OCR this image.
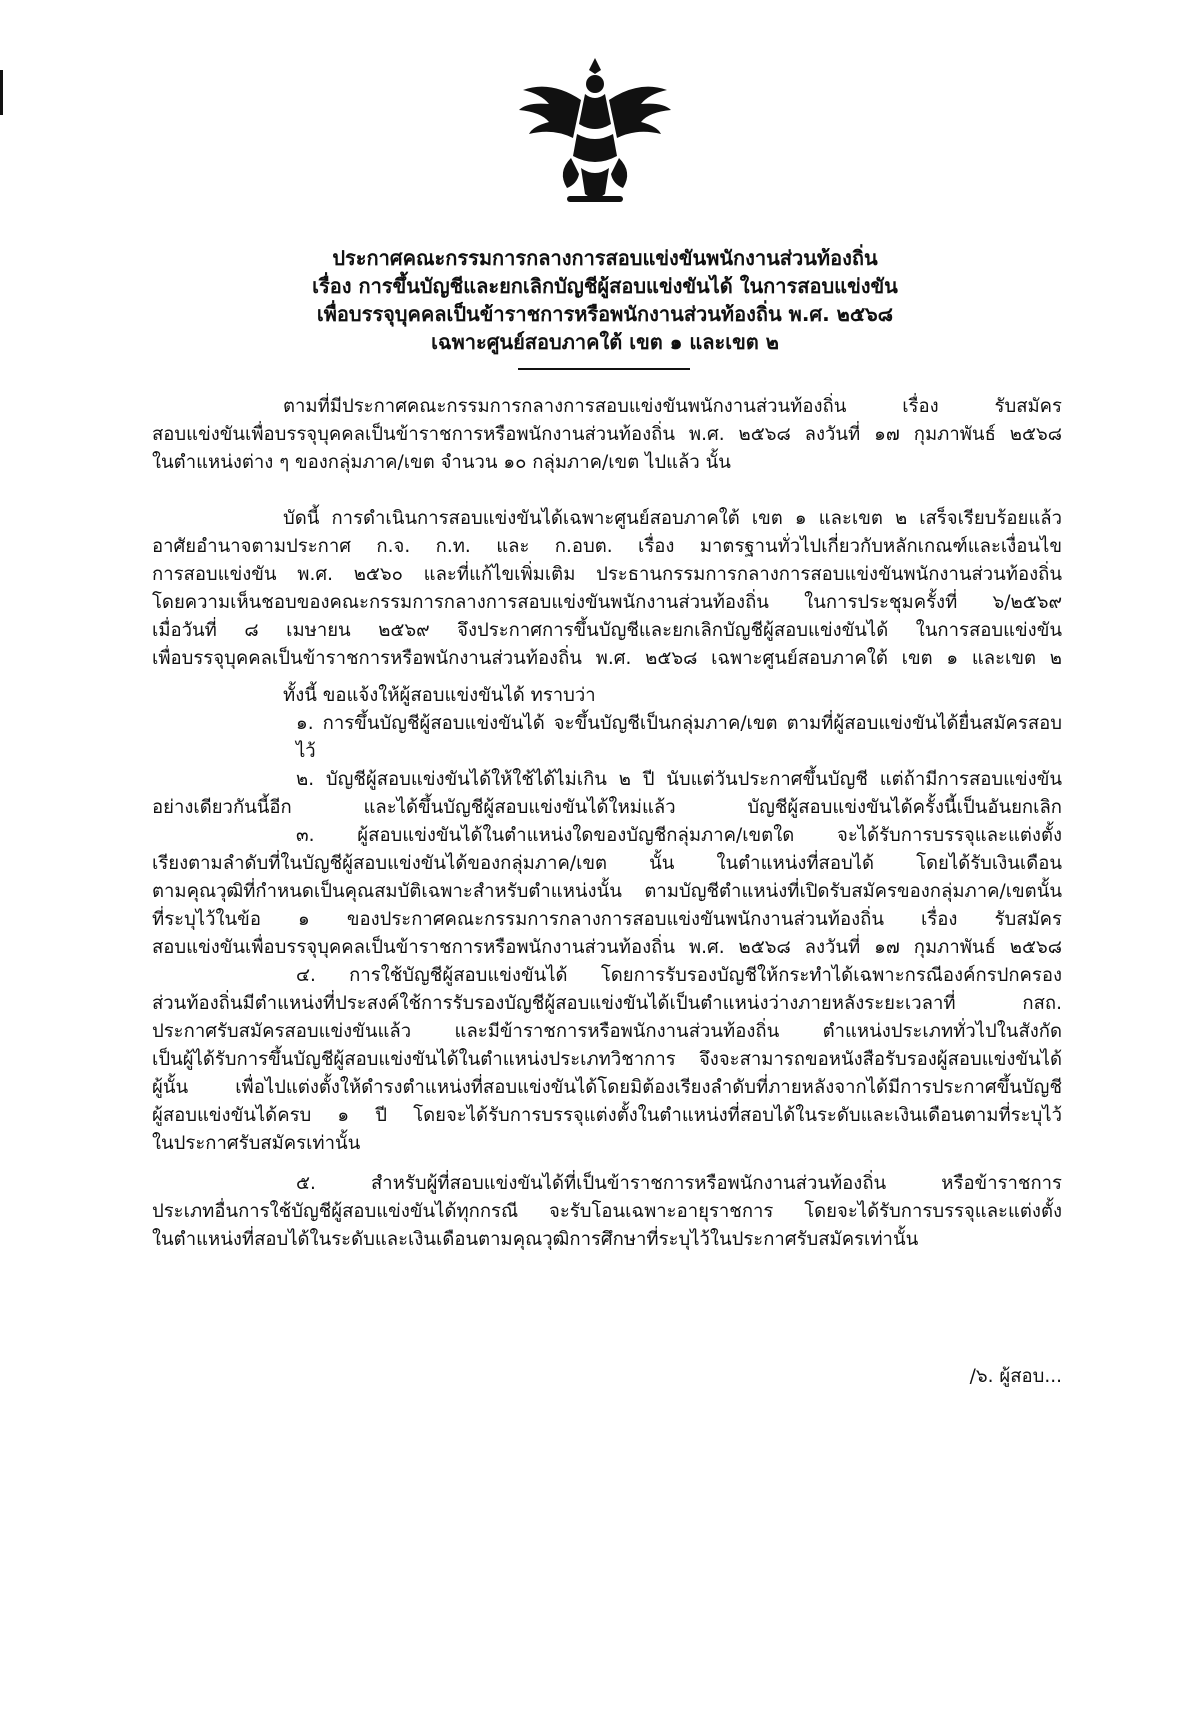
ประกาศคณะกรรมการกลางการสอบแข่งขันพนักงานส่วนท้องถิ่น
เรื่อง การขึ้นบัญชีและยกเลิกบัญชีผู้สอบแข่งขันได้ ในการสอบแข่งขัน
เพื่อบรรจุบุคคลเป็นข้าราชการหรือพนักงานส่วนท้องถิ่น พ.ศ. ๒๕๖๘
เฉพาะศูนย์สอบภาคใต้ เขต ๑ และเขต ๒
ตามที่มีประกาศคณะกรรมการกลางการสอบแข่งขันพนักงานส่วนท้องถิ่น เรื่อง รับสมัคร
สอบแข่งขันเพื่อบรรจุบุคคลเป็นข้าราชการหรือพนักงานส่วนท้องถิ่น พ.ศ. ๒๕๖๘ ลงวันที่ ๑๗ กุมภาพันธ์ ๒๕๖๘
ในตำแหน่งต่าง ๆ ของกลุ่มภาค/เขต จำนวน ๑๐ กลุ่มภาค/เขต ไปแล้ว นั้น
บัดนี้ การดำเนินการสอบแข่งขันได้เฉพาะศูนย์สอบภาคใต้ เขต ๑ และเขต ๒ เสร็จเรียบร้อยแล้ว
อาศัยอำนาจตามประกาศ ก.จ. ก.ท. และ ก.อบต. เรื่อง มาตรฐานทั่วไปเกี่ยวกับหลักเกณฑ์และเงื่อนไข
การสอบแข่งขัน พ.ศ. ๒๕๖๐ และที่แก้ไขเพิ่มเติม ประธานกรรมการกลางการสอบแข่งขันพนักงานส่วนท้องถิ่น
โดยความเห็นชอบของคณะกรรมการกลางการสอบแข่งขันพนักงานส่วนท้องถิ่น ในการประชุมครั้งที่ ๖/๒๕๖๙
เมื่อวันที่ ๘ เมษายน ๒๕๖๙ จึงประกาศการขึ้นบัญชีและยกเลิกบัญชีผู้สอบแข่งขันได้ ในการสอบแข่งขัน
เพื่อบรรจุบุคคลเป็นข้าราชการหรือพนักงานส่วนท้องถิ่น พ.ศ. ๒๕๖๘ เฉพาะศูนย์สอบภาคใต้ เขต ๑ และเขต ๒
ทั้งนี้ ขอแจ้งให้ผู้สอบแข่งขันได้ ทราบว่า
๑. การขึ้นบัญชีผู้สอบแข่งขันได้ จะขึ้นบัญชีเป็นกลุ่มภาค/เขต ตามที่ผู้สอบแข่งขันได้ยื่นสมัครสอบไว้
๒. บัญชีผู้สอบแข่งขันได้ให้ใช้ได้ไม่เกิน ๒ ปี นับแต่วันประกาศขึ้นบัญชี แต่ถ้ามีการสอบแข่งขัน
อย่างเดียวกันนี้อีก และได้ขึ้นบัญชีผู้สอบแข่งขันได้ใหม่แล้ว บัญชีผู้สอบแข่งขันได้ครั้งนี้เป็นอันยกเลิก
๓. ผู้สอบแข่งขันได้ในตำแหน่งใดของบัญชีกลุ่มภาค/เขตใด จะได้รับการบรรจุและแต่งตั้ง
เรียงตามลำดับที่ในบัญชีผู้สอบแข่งขันได้ของกลุ่มภาค/เขต นั้น ในตำแหน่งที่สอบได้ โดยได้รับเงินเดือน
ตามคุณวุฒิที่กำหนดเป็นคุณสมบัติเฉพาะสำหรับตำแหน่งนั้น ตามบัญชีตำแหน่งที่เปิดรับสมัครของกลุ่มภาค/เขตนั้น
ที่ระบุไว้ในข้อ ๑ ของประกาศคณะกรรมการกลางการสอบแข่งขันพนักงานส่วนท้องถิ่น เรื่อง รับสมัคร
สอบแข่งขันเพื่อบรรจุบุคคลเป็นข้าราชการหรือพนักงานส่วนท้องถิ่น พ.ศ. ๒๕๖๘ ลงวันที่ ๑๗ กุมภาพันธ์ ๒๕๖๘
๔. การใช้บัญชีผู้สอบแข่งขันได้ โดยการรับรองบัญชีให้กระทำได้เฉพาะกรณีองค์กรปกครอง
ส่วนท้องถิ่นมีตำแหน่งที่ประสงค์ใช้การรับรองบัญชีผู้สอบแข่งขันได้เป็นตำแหน่งว่างภายหลังระยะเวลาที่ กสถ.
ประกาศรับสมัครสอบแข่งขันแล้ว และมีข้าราชการหรือพนักงานส่วนท้องถิ่น ตำแหน่งประเภททั่วไปในสังกัด
เป็นผู้ได้รับการขึ้นบัญชีผู้สอบแข่งขันได้ในตำแหน่งประเภทวิชาการ จึงจะสามารถขอหนังสือรับรองผู้สอบแข่งขันได้
ผู้นั้น เพื่อไปแต่งตั้งให้ดำรงตำแหน่งที่สอบแข่งขันได้โดยมิต้องเรียงลำดับที่ภายหลังจากได้มีการประกาศขึ้นบัญชี
ผู้สอบแข่งขันได้ครบ ๑ ปี โดยจะได้รับการบรรจุแต่งตั้งในตำแหน่งที่สอบได้ในระดับและเงินเดือนตามที่ระบุไว้
ในประกาศรับสมัครเท่านั้น
๕. สำหรับผู้ที่สอบแข่งขันได้ที่เป็นข้าราชการหรือพนักงานส่วนท้องถิ่น หรือข้าราชการ
ประเภทอื่นการใช้บัญชีผู้สอบแข่งขันได้ทุกกรณี จะรับโอนเฉพาะอายุราชการ โดยจะได้รับการบรรจุและแต่งตั้ง
ในตำแหน่งที่สอบได้ในระดับและเงินเดือนตามคุณวุฒิการศึกษาที่ระบุไว้ในประกาศรับสมัครเท่านั้น
/๖. ผู้สอบ...
